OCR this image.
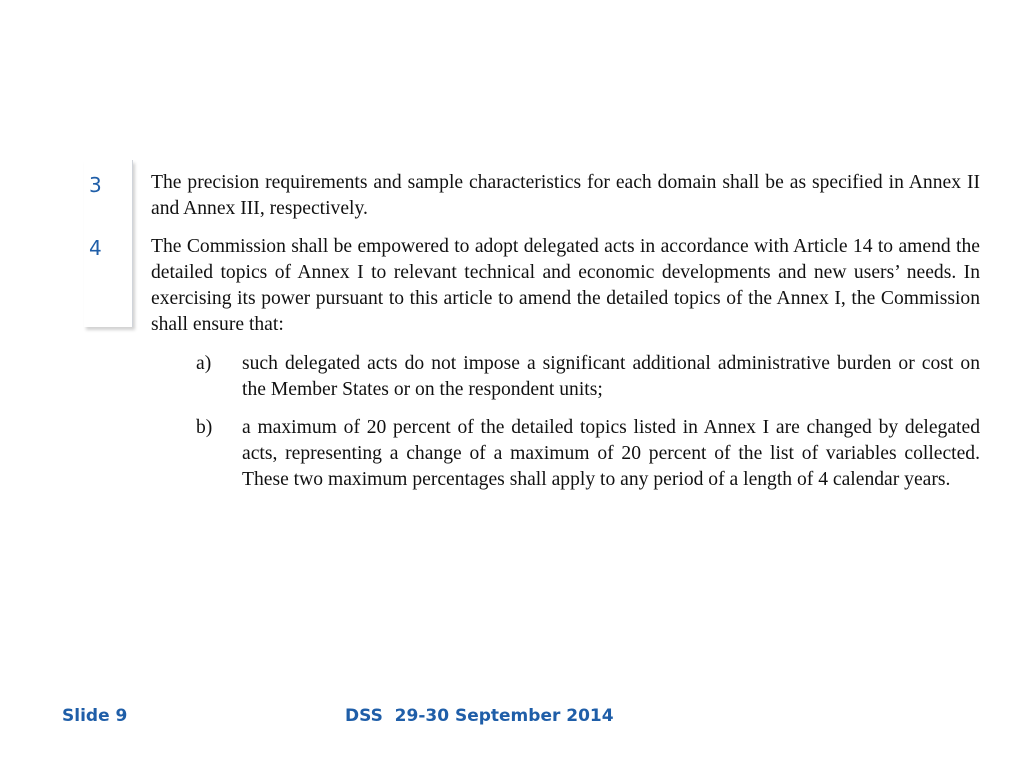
3
4
The precision requirements and sample characteristics for each domain shall be as specified in Annex II and Annex III, respectively.
The Commission shall be empowered to adopt delegated acts in accordance with Article 14 to amend the detailed topics of Annex I to relevant technical and economic developments and new users’ needs. In exercising its power pursuant to this article to amend the detailed topics of the Annex I, the Commission shall ensure that:
a) such delegated acts do not impose a significant additional administrative burden or cost on the Member States or on the respondent units;
b) a maximum of 20 percent of the detailed topics listed in Annex I are changed by delegated acts, representing a change of a maximum of 20 percent of the list of variables collected. These two maximum percentages shall apply to any period of a length of 4 calendar years.
Slide 9	DSS  29-30 September 2014
